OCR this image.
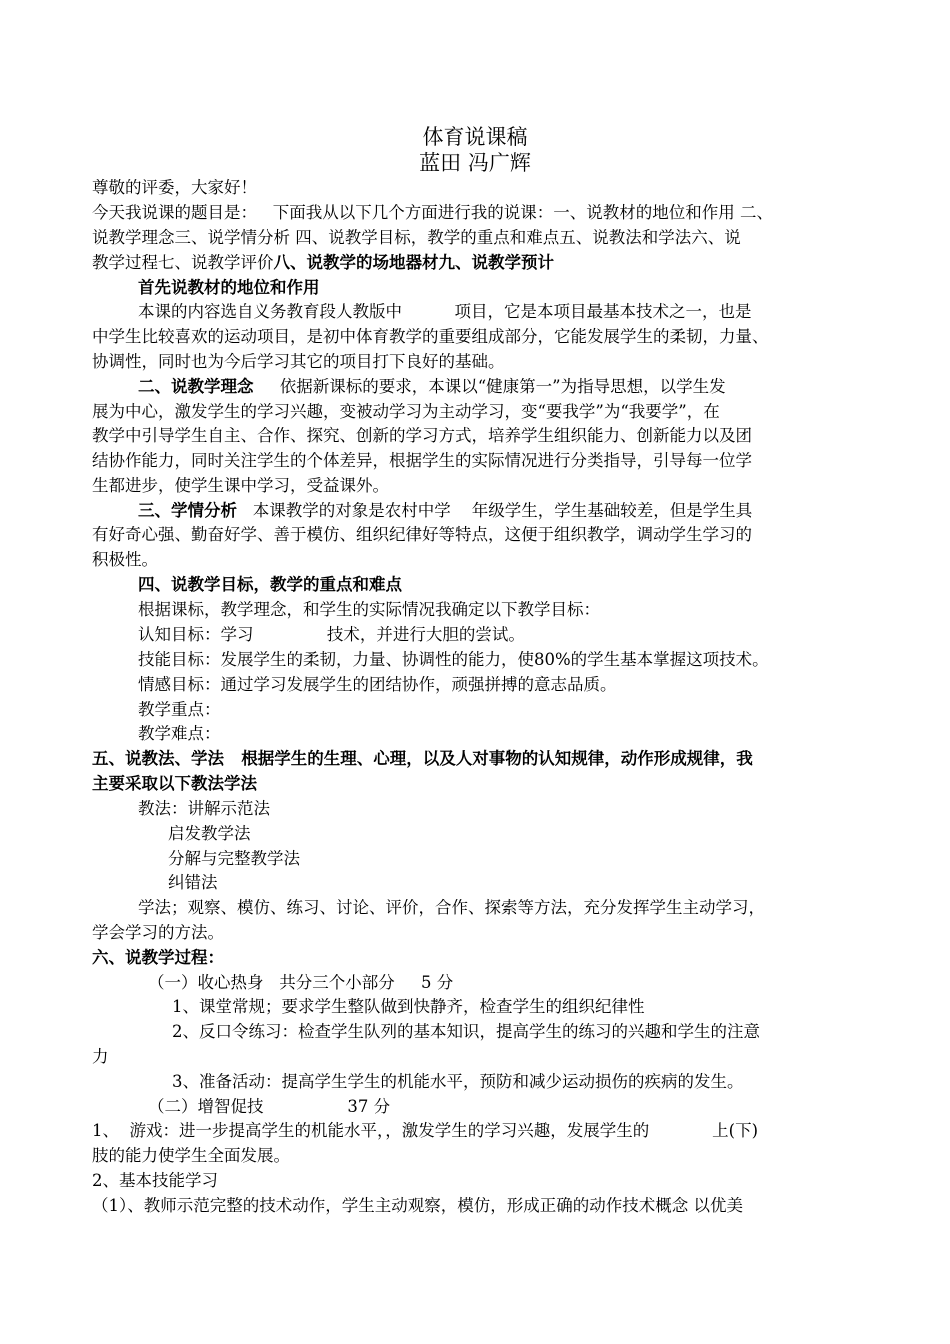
体育说课稿
蓝田 冯广辉
尊敬的评委，大家好！
今天我说课的题目是：   下面我从以下几个方面进行我的说课：一、说教材的地位和作用 二、
说教学理念三、说学情分析 四、说教学目标，教学的重点和难点五、说教法和学法六、说
教学过程七、说教学评价八、说教学的场地器材九、说教学预计
首先说教材的地位和作用
本课的内容选自义务教育段人教版中          项目，它是本项目最基本技术之一，也是
中学生比较喜欢的运动项目，是初中体育教学的重要组成部分，它能发展学生的柔韧，力量、
协调性，同时也为今后学习其它的项目打下良好的基础。
二、说教学理念     依据新课标的要求，本课以“健康第一”为指导思想，以学生发
展为中心，激发学生的学习兴趣，变被动学习为主动学习，变“要我学”为“我要学”，在
教学中引导学生自主、合作、探究、创新的学习方式，培养学生组织能力、创新能力以及团
结协作能力，同时关注学生的个体差异，根据学生的实际情况进行分类指导，引导每一位学
生都进步，使学生课中学习，受益课外。
三、学情分析   本课教学的对象是农村中学    年级学生，学生基础较差，但是学生具
有好奇心强、勤奋好学、善于模仿、组织纪律好等特点，这便于组织教学，调动学生学习的
积极性。
四、说教学目标，教学的重点和难点
根据课标，教学理念，和学生的实际情况我确定以下教学目标：
认知目标：学习              技术，并进行大胆的尝试。
技能目标：发展学生的柔韧，力量、协调性的能力，使80%的学生基本掌握这项技术。
情感目标：通过学习发展学生的团结协作，顽强拼搏的意志品质。
教学重点：
教学难点：
五、说教法、学法   根据学生的生理、心理，以及人对事物的认知规律，动作形成规律，我
主要采取以下教法学法
教法：讲解示范法
启发教学法
分解与完整教学法
纠错法
学法；观察、模仿、练习、讨论、评价，合作、探索等方法，充分发挥学生主动学习，
学会学习的方法。
六、说教学过程：
（一）收心热身   共分三个小部分     5 分
1、课堂常规；要求学生整队做到快静齐，检查学生的组织纪律性
2、反口令练习：检查学生队列的基本知识，提高学生的练习的兴趣和学生的注意
力
3、准备活动：提高学生学生的机能水平，预防和减少运动损伤的疾病的发生。
（二）增智促技                37 分
1、  游戏：进一步提高学生的机能水平，，激发学生的学习兴趣，发展学生的            上(下)
肢的能力使学生全面发展。
2、基本技能学习
（1）、教师示范完整的技术动作，学生主动观察，模仿，形成正确的动作技术概念 以优美
